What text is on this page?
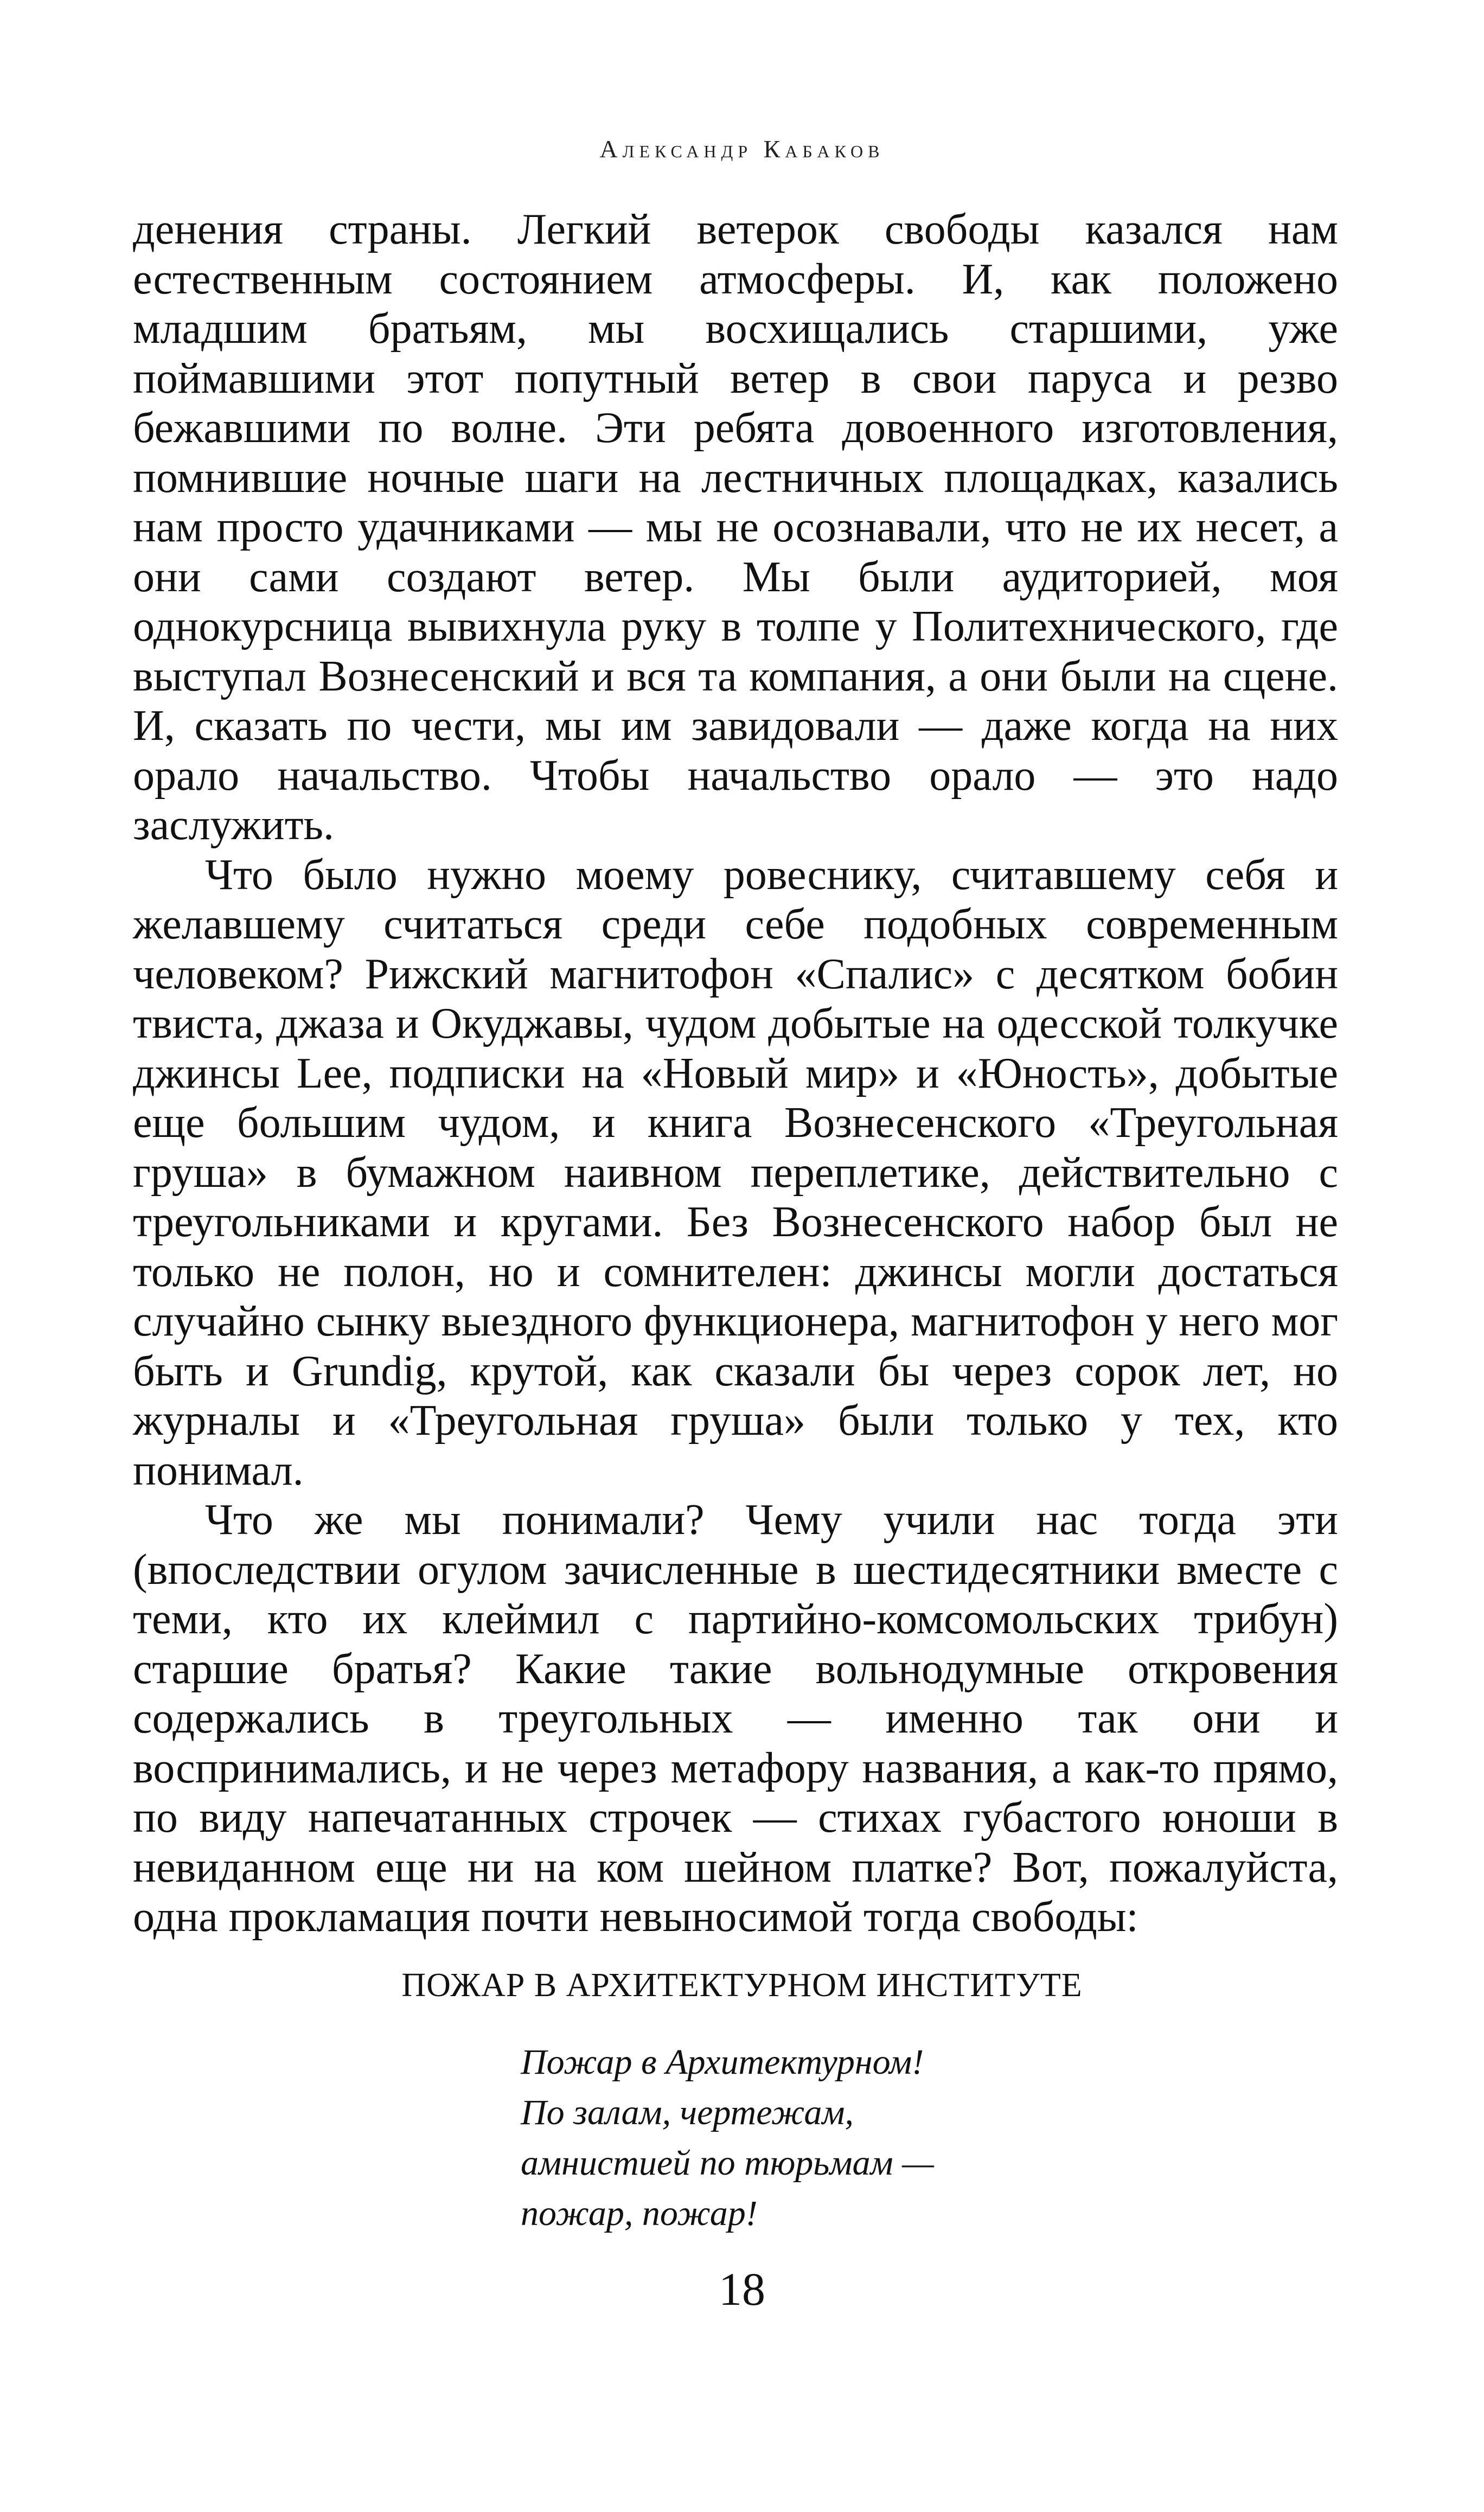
Александр Кабаков

денения страны. Легкий ветерок свободы казался нам естественным состоянием атмосферы. И, как положено младшим братьям, мы восхищались старшими, уже поймавшими этот попутный ветер в свои паруса и резво бежавшими по волне. Эти ребята довоенного изготовления, помнившие ночные шаги на лестничных площадках, казались нам просто удачниками — мы не осознавали, что не их несет, а они сами создают ветер. Мы были аудиторией, моя однокурсница вывихнула руку в толпе у Политехнического, где выступал Вознесенский и вся та компания, а они были на сцене. И, сказать по чести, мы им завидовали — даже когда на них орало начальство. Чтобы начальство орало — это надо заслужить.

Что было нужно моему ровеснику, считавшему себя и желавшему считаться среди себе подобных современным человеком? Рижский магнитофон «Спалис» с десятком бобин твиста, джаза и Окуджавы, чудом добытые на одесской толкучке джинсы Lee, подписки на «Новый мир» и «Юность», добытые еще большим чудом, и книга Вознесенского «Треугольная груша» в бумажном наивном переплетике, действительно с треугольниками и кругами. Без Вознесенского набор был не только не полон, но и сомнителен: джинсы могли достаться случайно сынку выездного функционера, магнитофон у него мог быть и Grundig, крутой, как сказали бы через сорок лет, но журналы и «Треугольная груша» были только у тех, кто понимал.

Что же мы понимали? Чему учили нас тогда эти (впоследствии огулом зачисленные в шестидесятники вместе с теми, кто их клеймил с партийно-комсомольских трибун) старшие братья? Какие такие вольнодумные откровения содержались в треугольных — именно так они и воспринимались, и не через метафору названия, а как-то прямо, по виду напечатанных строчек — стихах губастого юноши в невиданном еще ни на ком шейном платке? Вот, пожалуйста, одна прокламация почти невыносимой тогда свободы:

ПОЖАР В АРХИТЕКТУРНОМ ИНСТИТУТЕ
Пожар в Архитектурном!
По залам, чертежам,
амнистией по тюрьмам —
пожар, пожар!
18
